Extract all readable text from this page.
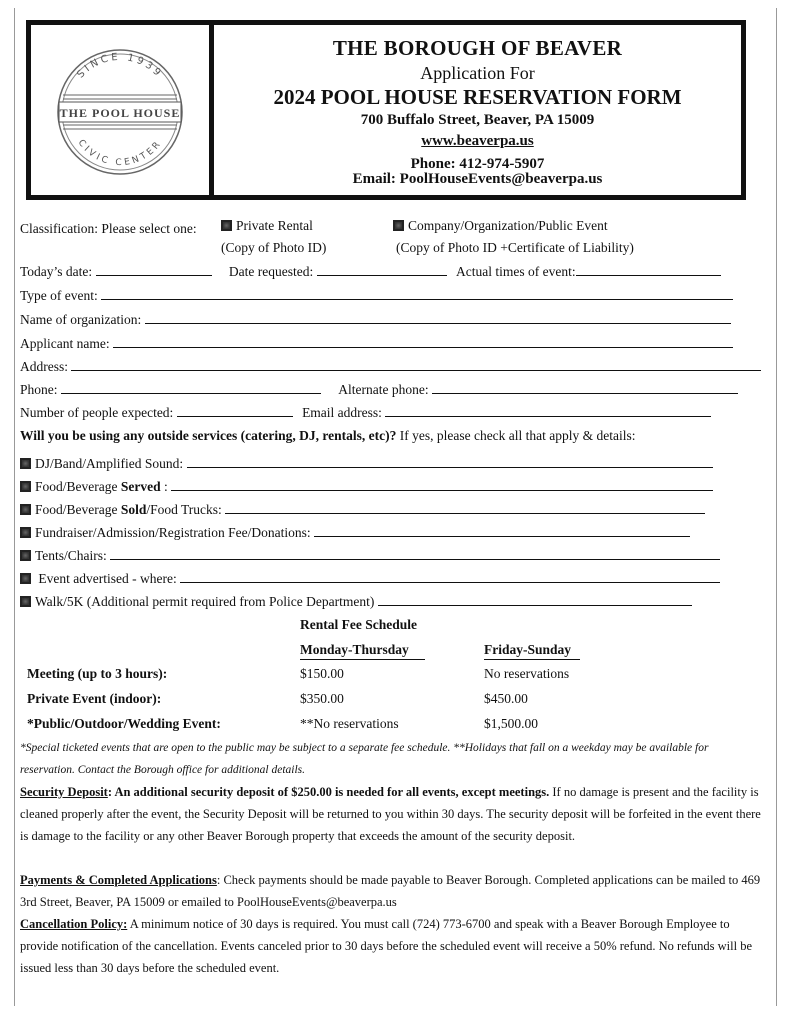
SINCE 1939
CIVIC CENTER
THE POOL HOUSE
THE BOROUGH OF BEAVER
Application For
2024 POOL HOUSE RESERVATION FORM
700 Buffalo Street, Beaver, PA 15009
www.beaverpa.us
Phone: 412-974-5907
Email: PoolHouseEvents@beaverpa.us
Classification: Please select one:	Private Rental
(Copy of Photo ID)
Company/Organization/Public Event
(Copy of Photo ID +Certificate of Liability)
Today’s date:	Date requested:	Actual times of event:
Type of event:
Name of organization:
Applicant name:
Address:
Phone:	Alternate phone:
Number of people expected:	Email address:
Will you be using any outside services (catering, DJ, rentals, etc)? If yes, please check all that apply & details:
DJ/Band/Amplified Sound:
Food/Beverage Served :
Food/Beverage Sold/Food Trucks:
Fundraiser/Admission/Registration Fee/Donations:
Tents/Chairs:
Event advertised - where:
Walk/5K (Additional permit required from Police Department)
Rental Fee Schedule
Monday-Thursday	Friday-Sunday
Meeting (up to 3 hours):	$150.00	No reservations
Private Event (indoor):	$350.00	$450.00
*Public/Outdoor/Wedding Event:	**No reservations	$1,500.00
*Special ticketed events that are open to the public may be subject to a separate fee schedule. **Holidays that fall on a weekday may be available for reservation. Contact the Borough office for additional details.
Security Deposit: An additional security deposit of $250.00 is needed for all events, except meetings. If no damage is present and the facility is cleaned properly after the event, the Security Deposit will be returned to you within 30 days. The security deposit will be forfeited in the event there is damage to the facility or any other Beaver Borough property that exceeds the amount of the security deposit.
Payments & Completed Applications: Check payments should be made payable to Beaver Borough. Completed applications can be mailed to 469 3rd Street, Beaver, PA 15009 or emailed to PoolHouseEvents@beaverpa.us
Cancellation Policy: A minimum notice of 30 days is required. You must call (724) 773-6700 and speak with a Beaver Borough Employee to provide notification of the cancellation. Events canceled prior to 30 days before the scheduled event will receive a 50% refund. No refunds will be issued less than 30 days before the scheduled event.
